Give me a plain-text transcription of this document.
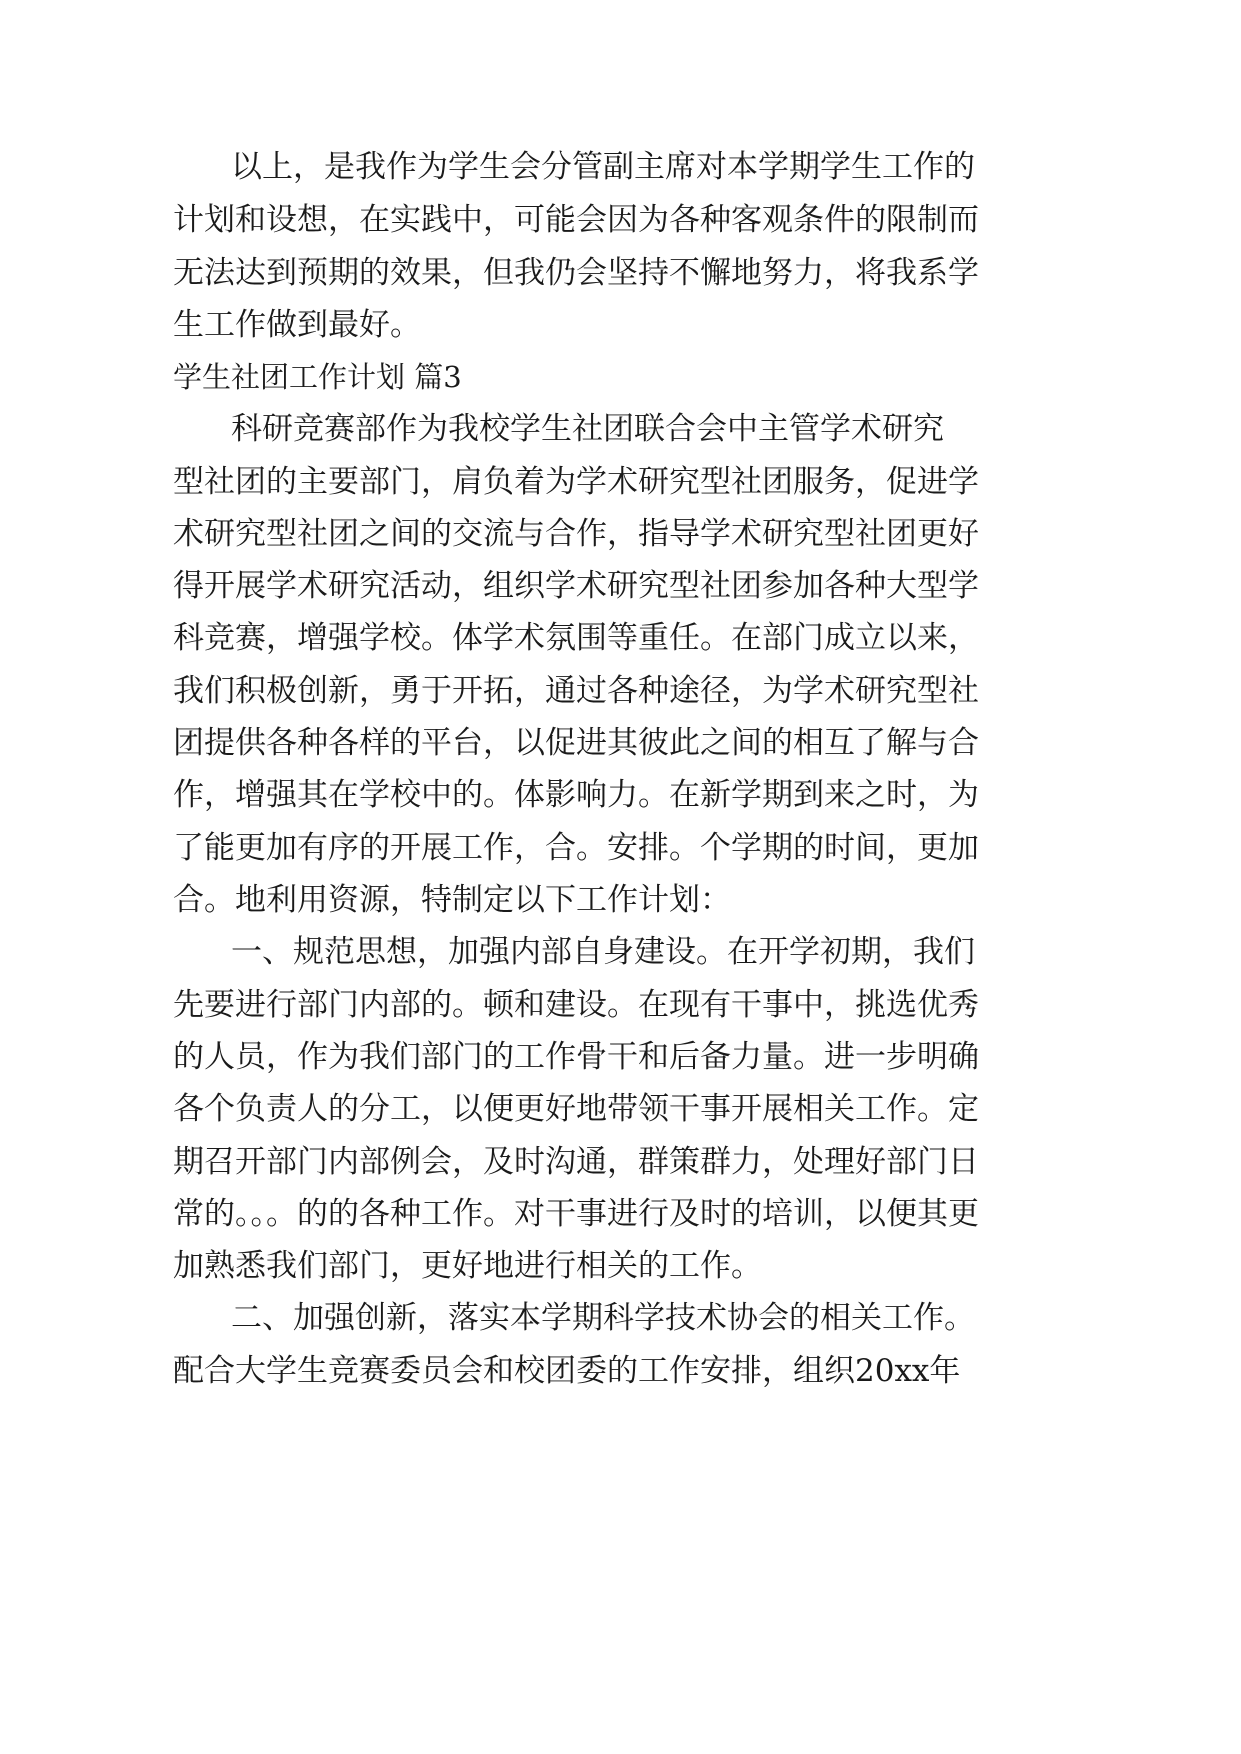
以上，是我作为学生会分管副主席对本学期学生工作的
计划和设想，在实践中，可能会因为各种客观条件的限制而
无法达到预期的效果，但我仍会坚持不懈地努力，将我系学
生工作做到最好。
学生社团工作计划 篇3
科研竞赛部作为我校学生社团联合会中主管学术研究
型社团的主要部门，肩负着为学术研究型社团服务，促进学
术研究型社团之间的交流与合作，指导学术研究型社团更好
得开展学术研究活动，组织学术研究型社团参加各种大型学
科竞赛，增强学校。体学术氛围等重任。在部门成立以来，
我们积极创新，勇于开拓，通过各种途径，为学术研究型社
团提供各种各样的平台，以促进其彼此之间的相互了解与合
作，增强其在学校中的。体影响力。在新学期到来之时，为
了能更加有序的开展工作，合。安排。个学期的时间，更加
合。地利用资源，特制定以下工作计划：
一、规范思想，加强内部自身建设。在开学初期，我们
先要进行部门内部的。顿和建设。在现有干事中，挑选优秀
的人员，作为我们部门的工作骨干和后备力量。进一步明确
各个负责人的分工，以便更好地带领干事开展相关工作。定
期召开部门内部例会，及时沟通，群策群力，处理好部门日
常的。。。的的各种工作。对干事进行及时的培训，以便其更
加熟悉我们部门，更好地进行相关的工作。
二、加强创新，落实本学期科学技术协会的相关工作。
配合大学生竞赛委员会和校团委的工作安排，组织20xx年
